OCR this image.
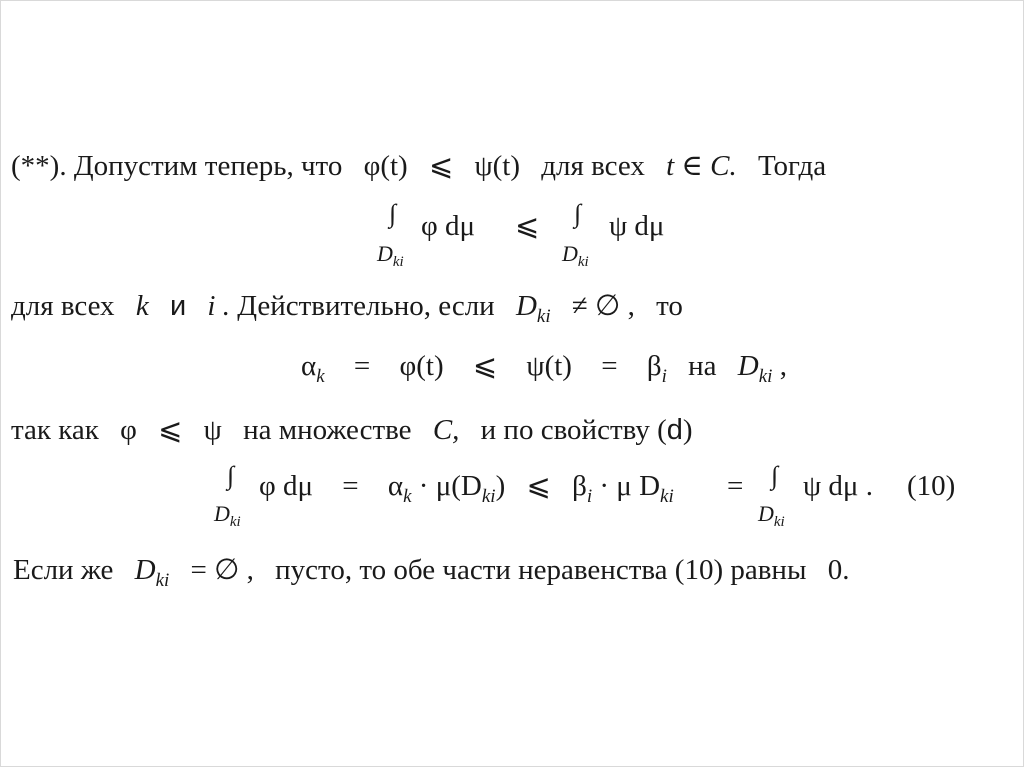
(**). Допустим теперь, что φ(t) ⩽ ψ(t) для всех t ∈ C. Тогда
∫
$D_{ki}$
φ dμ ⩽ ∫
$D_{ki}$
ψ dμ
для всех k и i . Действительно, если $D_{ki}$ ≠ ∅ , то
$\alpha_k = \varphi(t)$ ⩽ $\psi(t) = \beta_i$ на $D_{ki}$ ,
так как φ ⩽ ψ на множестве C, и по свойству (d)
∫
$D_{ki}$
φ $d\mu = \alpha_k \cdot \mu(D_{ki})$ ⩽ $\beta_i \cdot \mu$ $D_{ki}$ = ∫
$D_{ki}$
ψ dμ . (10)
Если же $D_{ki}$ = ∅ , пусто, то обе части неравенства (10) равны 0.
